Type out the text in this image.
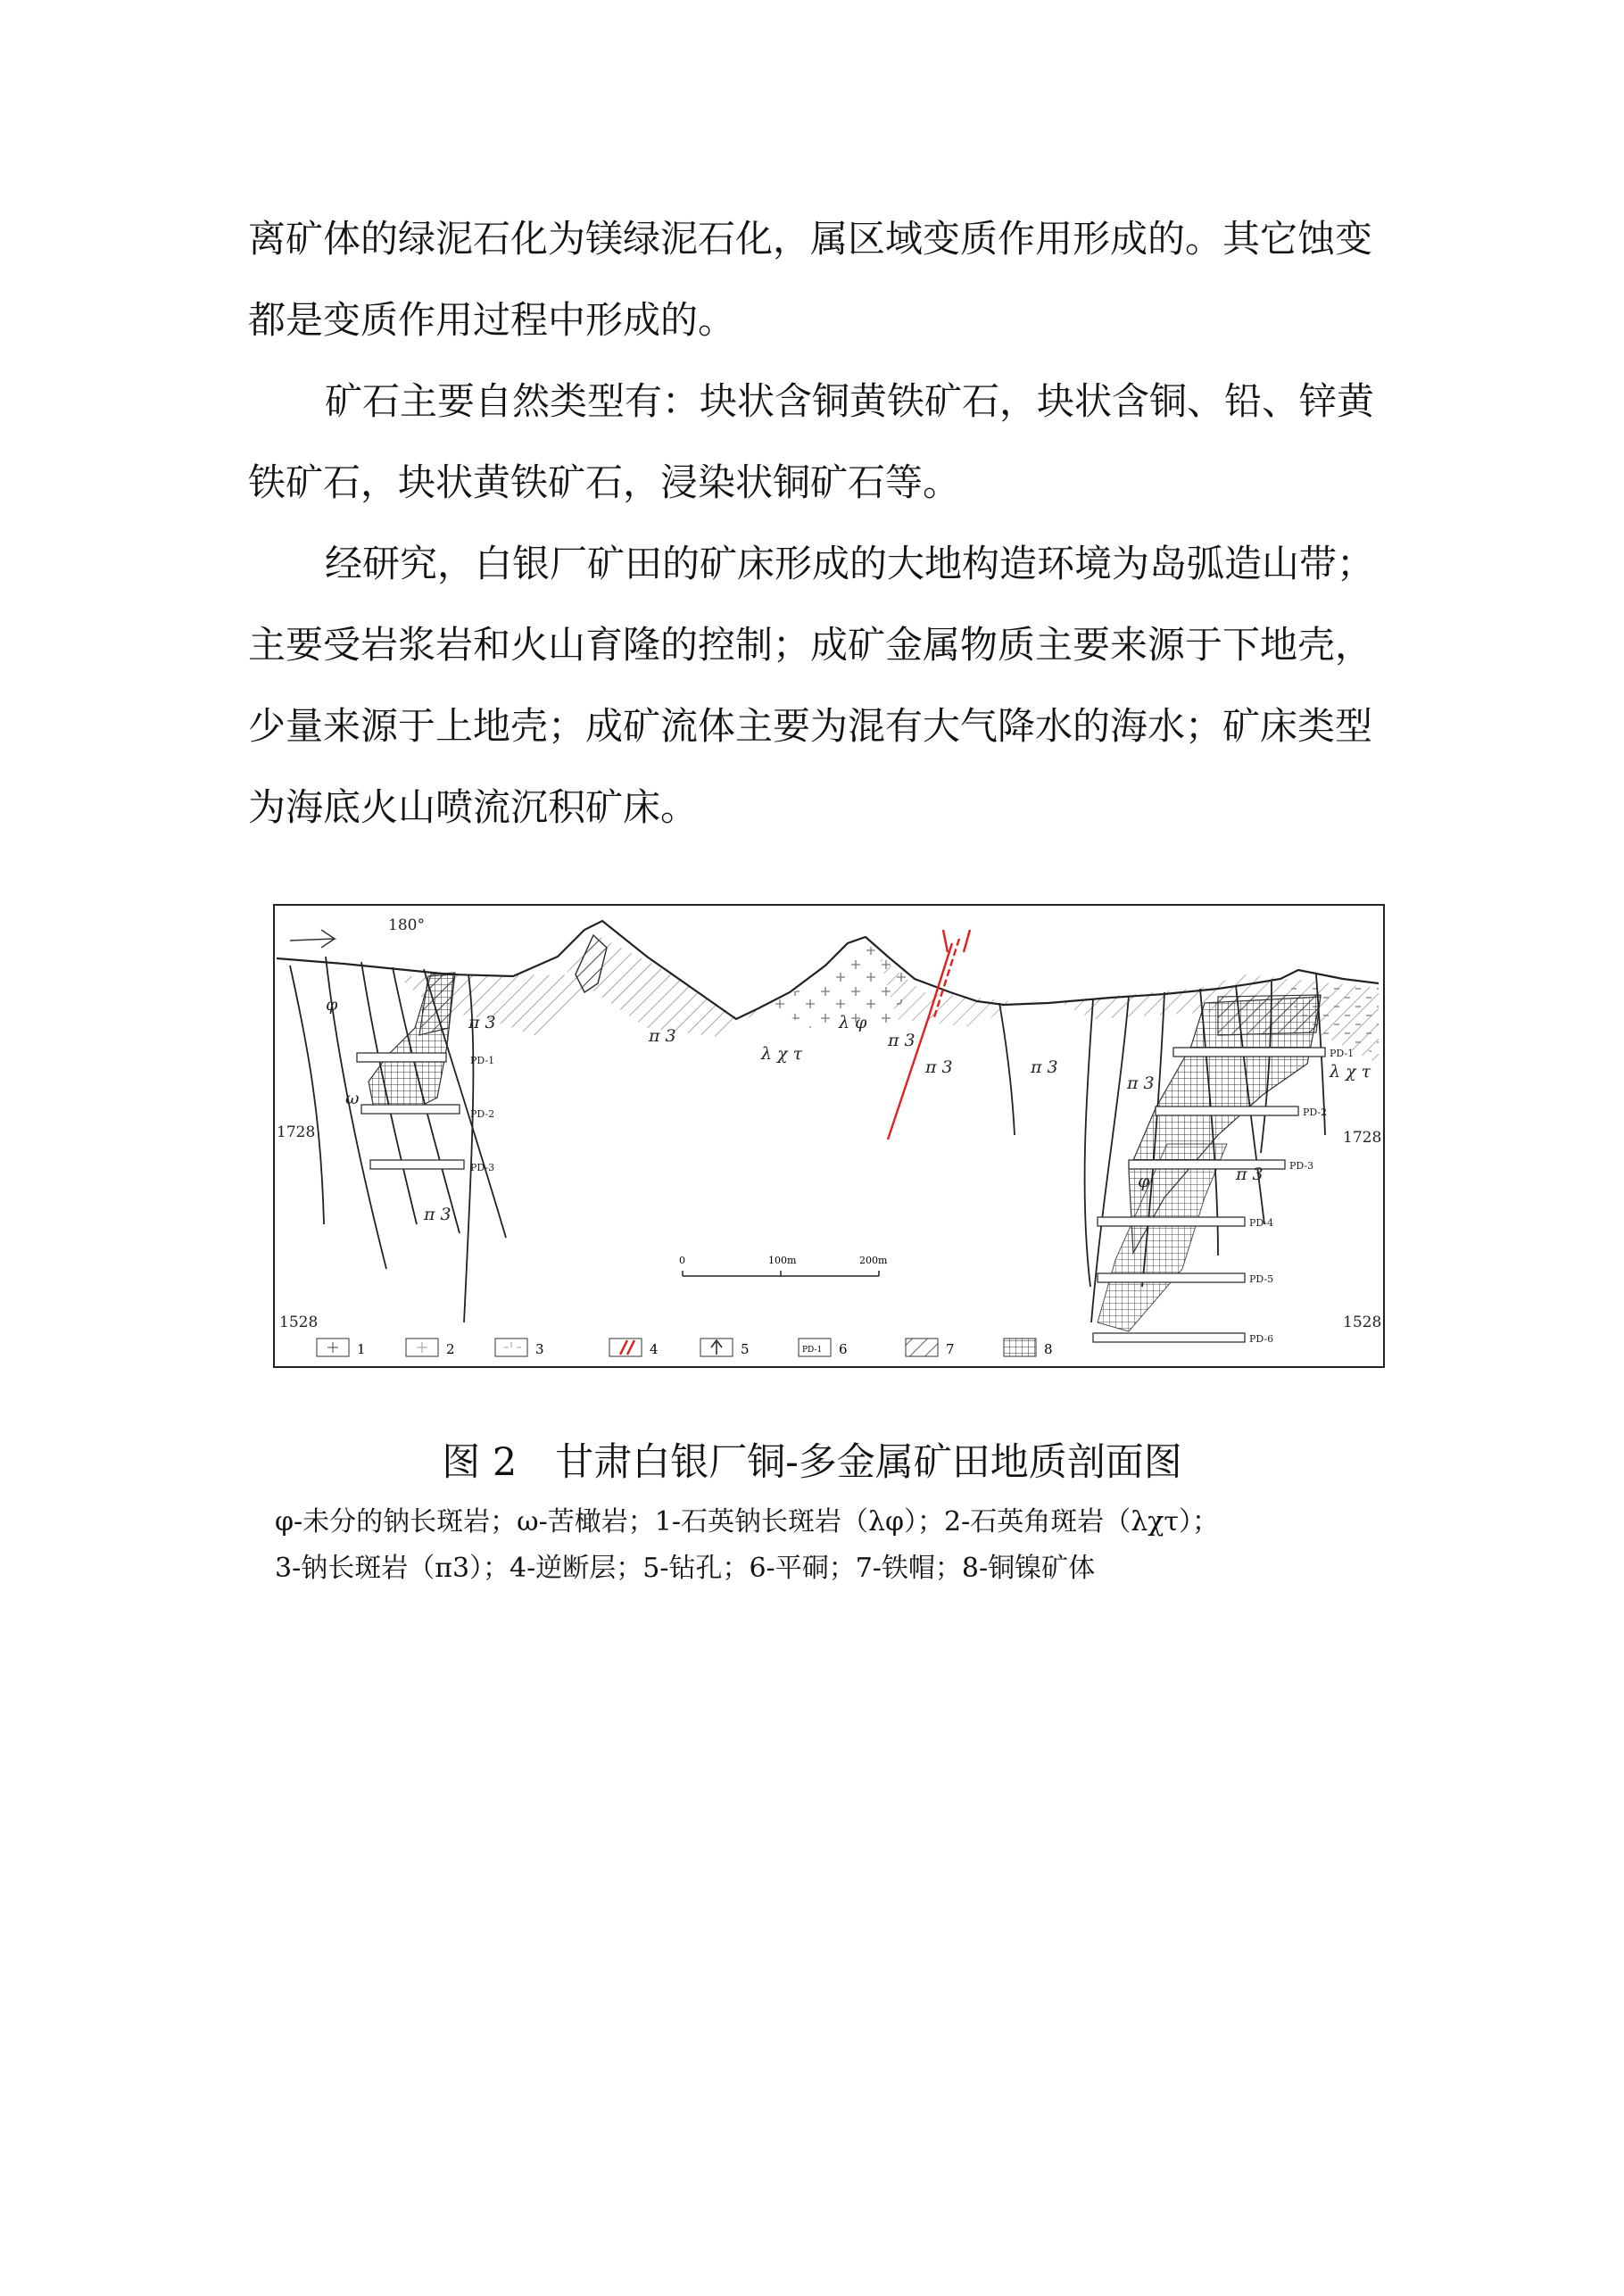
离矿体的绿泥石化为镁绿泥石化，属区域变质作用形成的。其它蚀变都是变质作用过程中形成的。

矿石主要自然类型有：块状含铜黄铁矿石，块状含铜、铅、锌黄铁矿石，块状黄铁矿石，浸染状铜矿石等。

经研究，白银厂矿田的矿床形成的大地构造环境为岛弧造山带；主要受岩浆岩和火山育隆的控制；成矿金属物质主要来源于下地壳，少量来源于上地壳；成矿流体主要为混有大气降水的海水；矿床类型为海底火山喷流沉积矿床。

PD-1
PD-2
PD-3
PD-1
PD-2
PD-3
PD-4
PD-5
PD-6
φ
ω
π 3
π 3
π 3
λ χ τ
λ φ
π 3
π 3	π 3
π 3
π 3
λ χ τ
φ
180°
1728	1728
1528	1528
0	100m	200m
1	2	3	4	5	PD-1 6	7	8
图 2　甘肃白银厂铜-多金属矿田地质剖面图

φ-未分的钠长斑岩；ω-苦橄岩；1-石英钠长斑岩（λφ）；2-石英角斑岩（λχτ）；
3-钠长斑岩（π3）；4-逆断层；5-钻孔；6-平硐；7-铁帽；8-铜镍矿体
